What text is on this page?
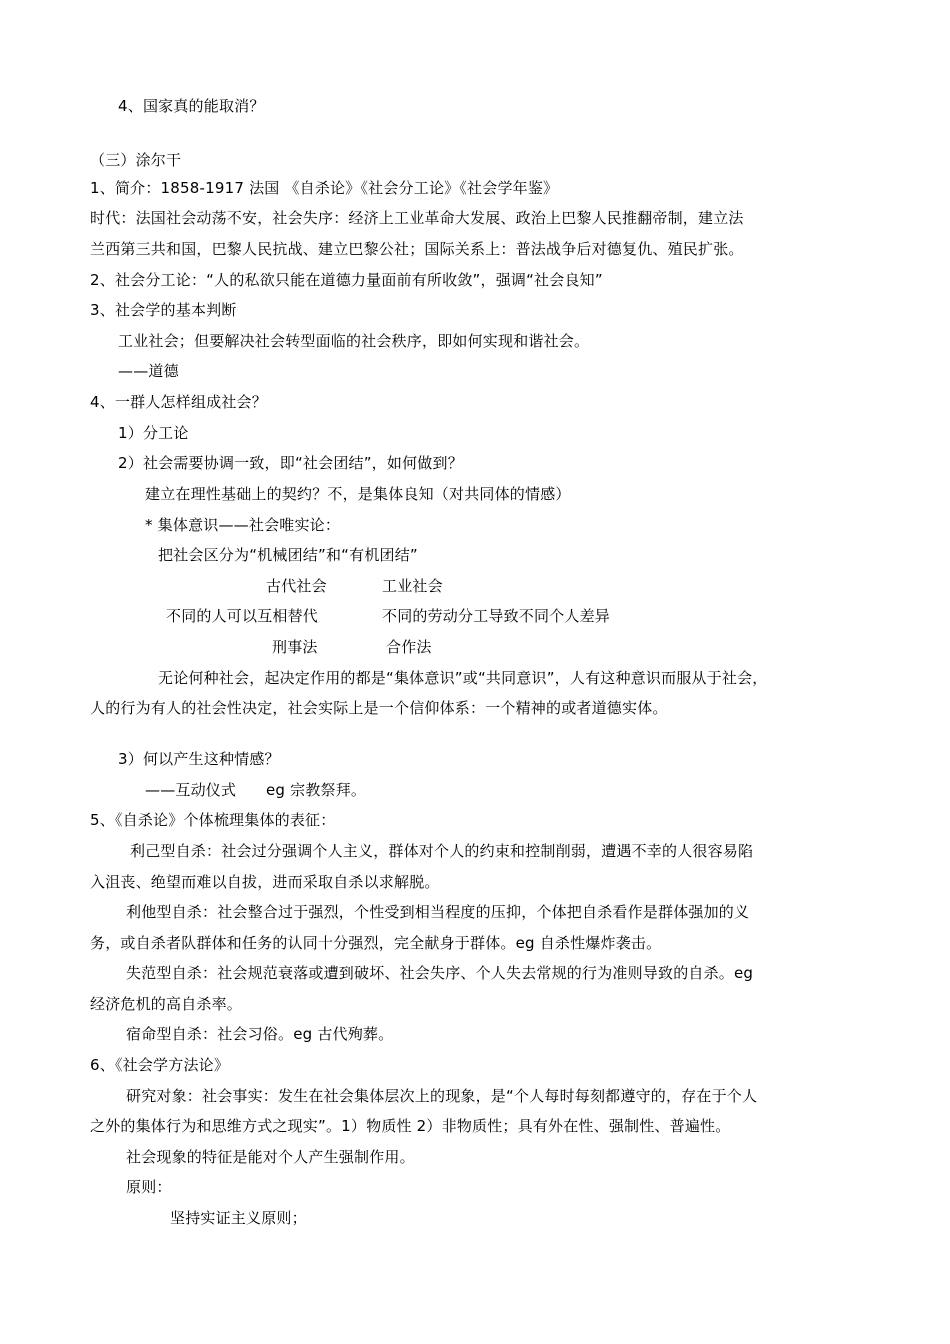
4、国家真的能取消？
（三）涂尔干
1、简介：1858-1917 法国 《自杀论》《社会分工论》《社会学年鉴》
时代：法国社会动荡不安，社会失序：经济上工业革命大发展、政治上巴黎人民推翻帝制，建立法
兰西第三共和国，巴黎人民抗战、建立巴黎公社；国际关系上：普法战争后对德复仇、殖民扩张。
2、社会分工论：“人的私欲只能在道德力量面前有所收敛”，强调“社会良知”
3、社会学的基本判断
工业社会；但要解决社会转型面临的社会秩序，即如何实现和谐社会。
——道德
4、一群人怎样组成社会？
1）分工论
2）社会需要协调一致，即“社会团结”，如何做到？
建立在理性基础上的契约？不，是集体良知（对共同体的情感）
* 集体意识——社会唯实论：
把社会区分为“机械团结”和“有机团结”
古代社会	工业社会
不同的人可以互相替代	不同的劳动分工导致不同个人差异
刑事法	合作法
无论何种社会，起决定作用的都是“集体意识”或“共同意识”，人有这种意识而服从于社会，
人的行为有人的社会性决定，社会实际上是一个信仰体系：一个精神的或者道德实体。
3）何以产生这种情感？
——互动仪式 eg 宗教祭拜。
5、《自杀论》个体梳理集体的表征：
利己型自杀：社会过分强调个人主义，群体对个人的约束和控制削弱，遭遇不幸的人很容易陷
入沮丧、绝望而难以自拔，进而采取自杀以求解脱。
利他型自杀：社会整合过于强烈，个性受到相当程度的压抑，个体把自杀看作是群体强加的义
务，或自杀者队群体和任务的认同十分强烈，完全献身于群体。eg 自杀性爆炸袭击。
失范型自杀：社会规范衰落或遭到破坏、社会失序、个人失去常规的行为准则导致的自杀。eg
经济危机的高自杀率。
宿命型自杀：社会习俗。eg 古代殉葬。
6、《社会学方法论》
研究对象：社会事实：发生在社会集体层次上的现象，是“个人每时每刻都遵守的，存在于个人
之外的集体行为和思维方式之现实”。1）物质性 2）非物质性；具有外在性、强制性、普遍性。
社会现象的特征是能对个人产生强制作用。
原则：
坚持实证主义原则；
